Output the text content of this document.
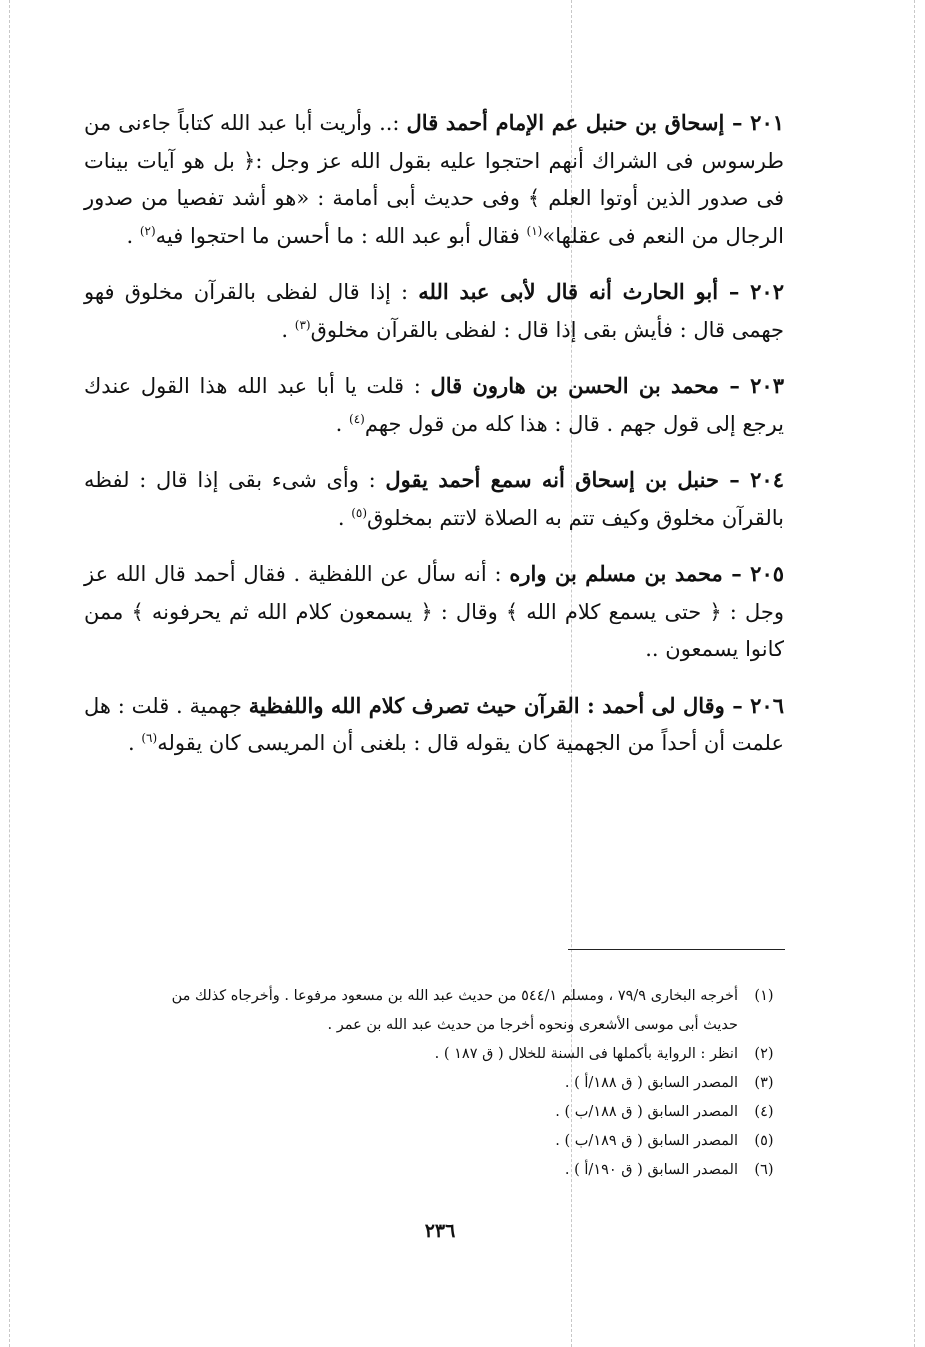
٢٠١ – إسحاق بن حنبل عم الإمام أحمد قال :.. وأريت أبا عبد الله كتاباً جاءنى من طرسوس فى الشراك أنهم احتجوا عليه بقول الله عز وجل :﴿ بل هو آيات بينات فى صدور الذين أوتوا العلم ﴾ وفى حديث أبى أمامة : «هو أشد تفصيا من صدور الرجال من النعم فى عقلها»$^{(١)}$ فقال أبو عبد الله : ما أحسن ما احتجوا فيه$^{(٢)}$ .

٢٠٢ – أبو الحارث أنه قال لأبى عبد الله : إذا قال لفظى بالقرآن مخلوق فهو جهمى قال : فأيش بقى إذا قال : لفظى بالقرآن مخلوق$^{(٣)}$ .

٢٠٣ – محمد بن الحسن بن هارون قال : قلت يا أبا عبد الله هذا القول عندك يرجع إلى قول جهم . قال : هذا كله من قول جهم$^{(٤)}$ .

٢٠٤ – حنبل بن إسحاق أنه سمع أحمد يقول : وأى شىء بقى إذا قال : لفظه بالقرآن مخلوق وكيف تتم به الصلاة لاتتم بمخلوق$^{(٥)}$ .

٢٠٥ – محمد بن مسلم بن واره : أنه سأل عن اللفظية . فقال أحمد قال الله عز وجل : ﴿ حتى يسمع كلام الله ﴾ وقال : ﴿ يسمعون كلام الله ثم يحرفونه ﴾ ممن كانوا يسمعون ..

٢٠٦ – وقال لى أحمد : القرآن حيث تصرف كلام الله واللفظية جهمية . قلت : هل علمت أن أحداً من الجهمية كان يقوله قال : بلغنى أن المريسى كان يقوله$^{(٦)}$ .

(١)
أخرجه البخارى ٧٩/٩ ، ومسلم ٥٤٤/١ من حديث عبد الله بن مسعود مرفوعا . وأخرجاه كذلك من حديث أبى موسى الأشعرى ونحوه أخرجا من حديث عبد الله بن عمر .
(٢)
انظر : الرواية بأكملها فى السنة للخلال ( ق ١٨٧ ) .
(٣)
المصدر السابق ( ق ١٨٨/أ ) .
(٤)
المصدر السابق ( ق ١٨٨/ب ) .
(٥)
المصدر السابق ( ق ١٨٩/ب ) .
(٦)
المصدر السابق ( ق ١٩٠/أ ) .
٢٣٦
